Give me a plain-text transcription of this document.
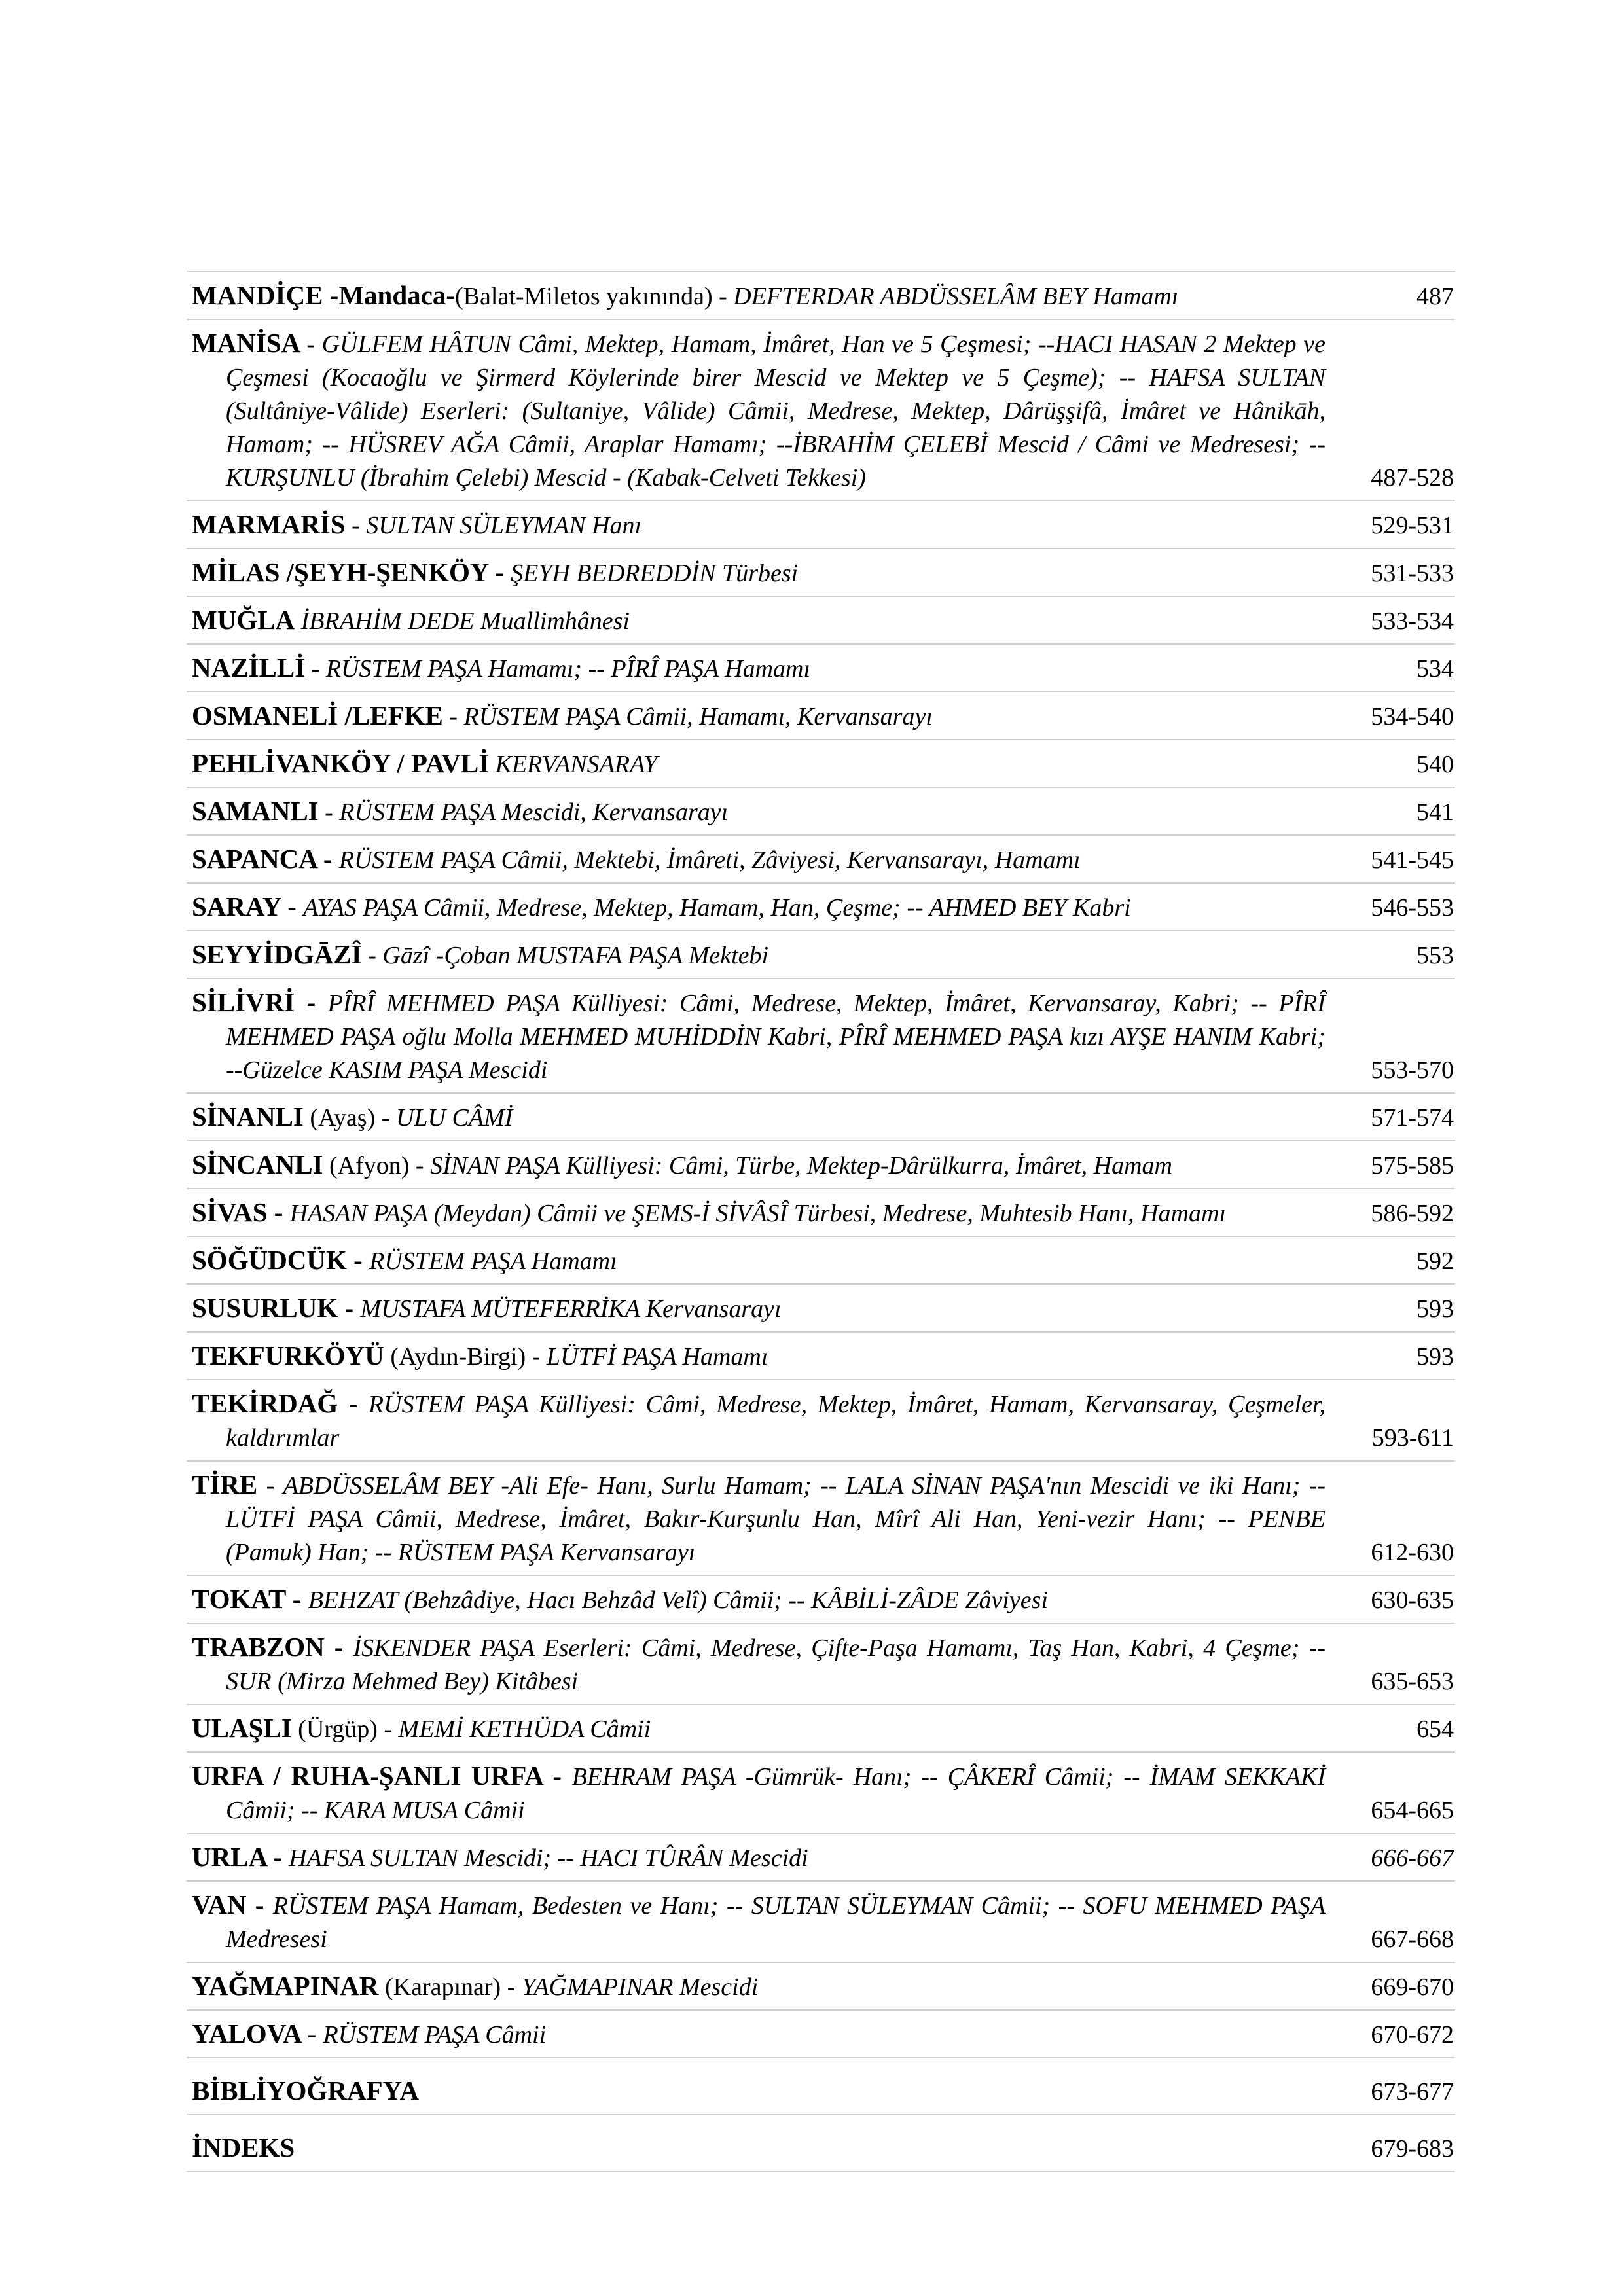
MANDİÇE -Mandaca-(Balat-Miletos yakınında) - DEFTERDAR ABDÜSSELÂM BEY Hamamı	487
MANİSA - GÜLFEM HÂTUN Câmi, Mektep, Hamam, İmâret, Han ve 5 Çeşmesi; --HACI HASAN 2 Mektep ve Çeşmesi (Kocaoğlu ve Şirmerd Köylerinde birer Mescid ve Mektep ve 5 Çeşme); -- HAFSA SULTAN (Sultâniye-Vâlide) Eserleri: (Sultaniye, Vâlide) Câmii, Medrese, Mektep, Dârüşşifâ, İmâret ve Hânikāh, Hamam; -- HÜSREV AĞA Câmii, Araplar Hamamı; --İBRAHİM ÇELEBİ Mescid / Câmi ve Medresesi; --KURŞUNLU (İbrahim Çelebi) Mescid - (Kabak-Celveti Tekkesi)	487-528
MARMARİS - SULTAN SÜLEYMAN Hanı	529-531
MİLAS /ŞEYH-ŞENKÖY - ŞEYH BEDREDDİN Türbesi	531-533
MUĞLA İBRAHİM DEDE Muallimhânesi	533-534
NAZİLLİ - RÜSTEM PAŞA Hamamı; -- PÎRÎ PAŞA Hamamı	534
OSMANELİ /LEFKE - RÜSTEM PAŞA Câmii, Hamamı, Kervansarayı	534-540
PEHLİVANKÖY / PAVLİ KERVANSARAY	540
SAMANLI - RÜSTEM PAŞA Mescidi, Kervansarayı	541
SAPANCA - RÜSTEM PAŞA Câmii, Mektebi, İmâreti, Zâviyesi, Kervansarayı, Hamamı	541-545
SARAY - AYAS PAŞA Câmii, Medrese, Mektep, Hamam, Han, Çeşme; -- AHMED BEY Kabri	546-553
SEYYİDGĀZÎ - Gāzî -Çoban MUSTAFA PAŞA Mektebi	553
SİLİVRİ - PÎRÎ MEHMED PAŞA Külliyesi: Câmi, Medrese, Mektep, İmâret, Kervansaray, Kabri; -- PÎRÎ MEHMED PAŞA oğlu Molla MEHMED MUHİDDİN Kabri, PÎRÎ MEHMED PAŞA kızı AYŞE HANIM Kabri; --Güzelce KASIM PAŞA Mescidi	553-570
SİNANLI (Ayaş) - ULU CÂMİ	571-574
SİNCANLI (Afyon) - SİNAN PAŞA Külliyesi: Câmi, Türbe, Mektep-Dârülkurra, İmâret, Hamam	575-585
SİVAS - HASAN PAŞA (Meydan) Câmii ve ŞEMS-İ SİVÂSÎ Türbesi, Medrese, Muhtesib Hanı, Hamamı	586-592
SÖĞÜDCÜK - RÜSTEM PAŞA Hamamı	592
SUSURLUK - MUSTAFA MÜTEFERRİKA Kervansarayı	593
TEKFURKÖYÜ (Aydın-Birgi) - LÜTFİ PAŞA Hamamı	593
TEKİRDAĞ - RÜSTEM PAŞA Külliyesi: Câmi, Medrese, Mektep, İmâret, Hamam, Kervansaray, Çeşmeler, kaldırımlar	593-611
TİRE - ABDÜSSELÂM BEY -Ali Efe- Hanı, Surlu Hamam; -- LALA SİNAN PAŞA'nın Mescidi ve iki Hanı; -- LÜTFİ PAŞA Câmii, Medrese, İmâret, Bakır-Kurşunlu Han, Mîrî Ali Han, Yeni-vezir Hanı; -- PENBE (Pamuk) Han; -- RÜSTEM PAŞA Kervansarayı	612-630
TOKAT - BEHZAT (Behzâdiye, Hacı Behzâd Velî) Câmii; -- KÂBİLİ-ZÂDE Zâviyesi	630-635
TRABZON - İSKENDER PAŞA Eserleri: Câmi, Medrese, Çifte-Paşa Hamamı, Taş Han, Kabri, 4 Çeşme; -- SUR (Mirza Mehmed Bey) Kitâbesi	635-653
ULAŞLI (Ürgüp) - MEMİ KETHÜDA Câmii	654
URFA / RUHA-ŞANLI URFA - BEHRAM PAŞA -Gümrük- Hanı; -- ÇÂKERÎ Câmii; -- İMAM SEKKAKİ Câmii; -- KARA MUSA Câmii	654-665
URLA - HAFSA SULTAN Mescidi; -- HACI TÛRÂN Mescidi	666-667
VAN - RÜSTEM PAŞA Hamam, Bedesten ve Hanı; -- SULTAN SÜLEYMAN Câmii; -- SOFU MEHMED PAŞA Medresesi	667-668
YAĞMAPINAR (Karapınar) - YAĞMAPINAR Mescidi	669-670
YALOVA - RÜSTEM PAŞA Câmii	670-672
BİBLİYOĞRAFYA	673-677
İNDEKS	679-683
